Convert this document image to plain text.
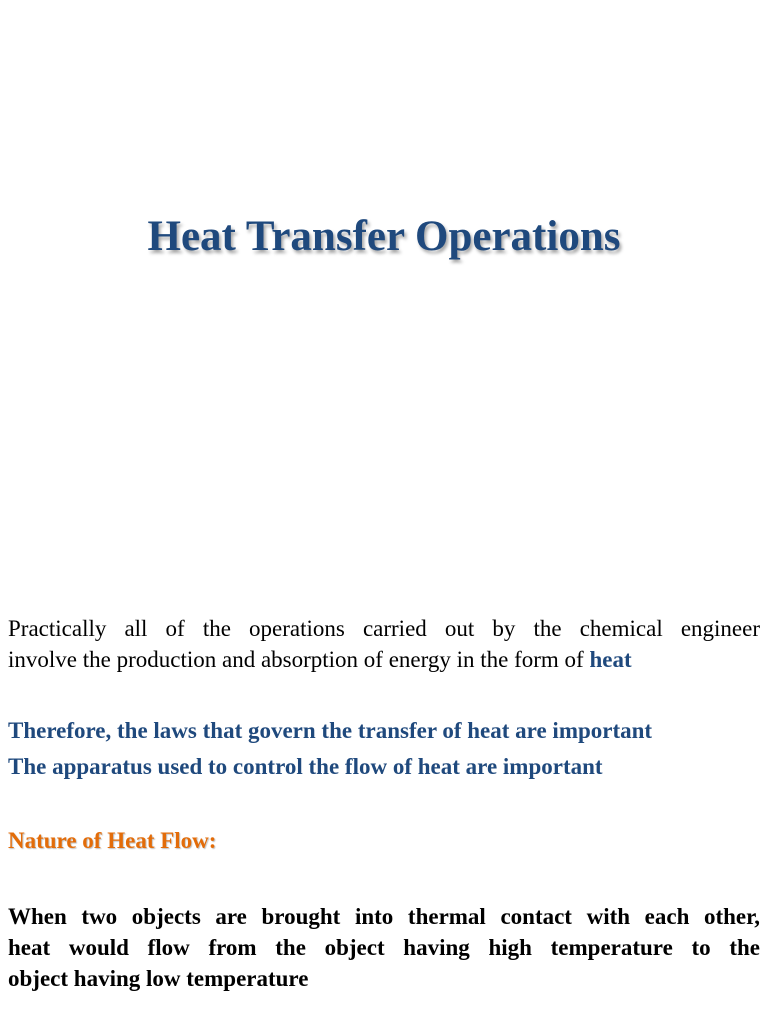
Heat Transfer Operations

Practically all of the operations carried out by the chemical engineer
involve the production and absorption of energy in the form of heat

Therefore, the laws that govern the transfer of heat are important

The apparatus used to control the flow of heat are important

Nature of Heat Flow:

When two objects are brought into thermal contact with each other,
heat would flow from the object having high temperature to the
object having low temperature
